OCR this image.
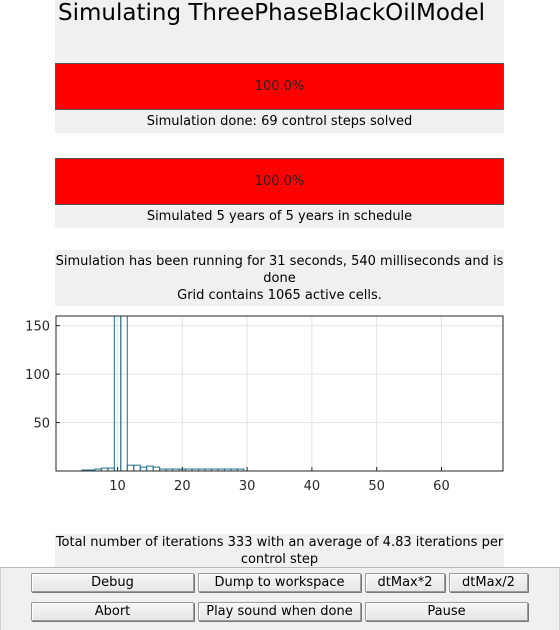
Simulating ThreePhaseBlackOilModel
100.0%
Simulation done: 69 control steps solved
100.0%
Simulated 5 years of 5 years in schedule
Simulation has been running for 31 seconds, 540 milliseconds and is
done
Grid contains 1065 active cells.
10	20	30	40	50	60
50
100
150
Total number of iterations 333 with an average of 4.83 iterations per
control step
Debug	Dump to workspace	dtMax*2	dtMax/2
Abort	Play sound when done	Pause
